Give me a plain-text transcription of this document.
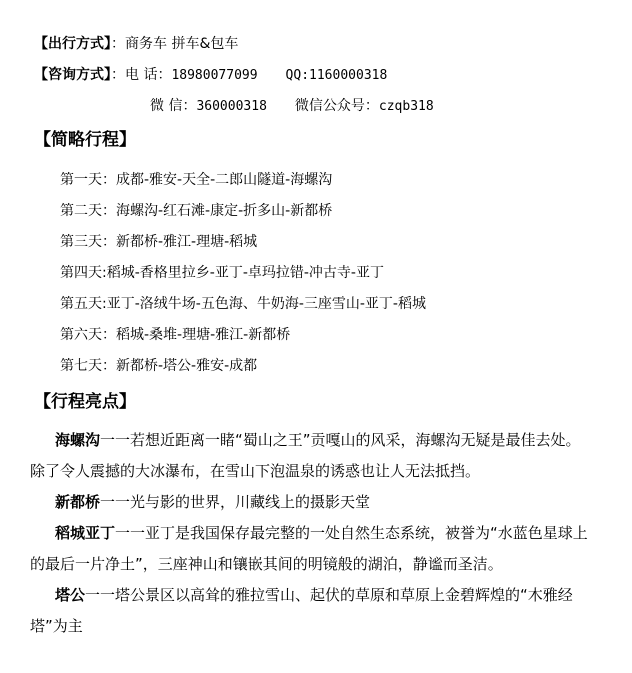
【出行方式】：商务车 拼车&包车
【咨询方式】：电 话：18980077099 QQ:1160000318
微 信：360000318 微信公众号：czqb318
【简略行程】
第一天：成都-雅安-天全-二郎山隧道-海螺沟
第二天：海螺沟-红石滩-康定-折多山-新都桥
第三天：新都桥-雅江-理塘-稻城
第四天:稻城-香格里拉乡-亚丁-卓玛拉错-冲古寺-亚丁
第五天:亚丁-洛绒牛场-五色海、牛奶海-三座雪山-亚丁-稻城
第六天：稻城-桑堆-理塘-雅江-新都桥
第七天：新都桥-塔公-雅安-成都
【行程亮点】
海螺沟一一若想近距离一睹“蜀山之王”贡嘎山的风采，海螺沟无疑是最佳去处。除了令人震撼的大冰瀑布，在雪山下泡温泉的诱惑也让人无法抵挡。
新都桥一一光与影的世界，川藏线上的摄影天堂
稻城亚丁一一亚丁是我国保存最完整的一处自然生态系统，被誉为“水蓝色星球上的最后一片净土”，三座神山和镶嵌其间的明镜般的湖泊，静谧而圣洁。
塔公一一塔公景区以高耸的雅拉雪山、起伏的草原和草原上金碧辉煌的“木雅经塔”为主
